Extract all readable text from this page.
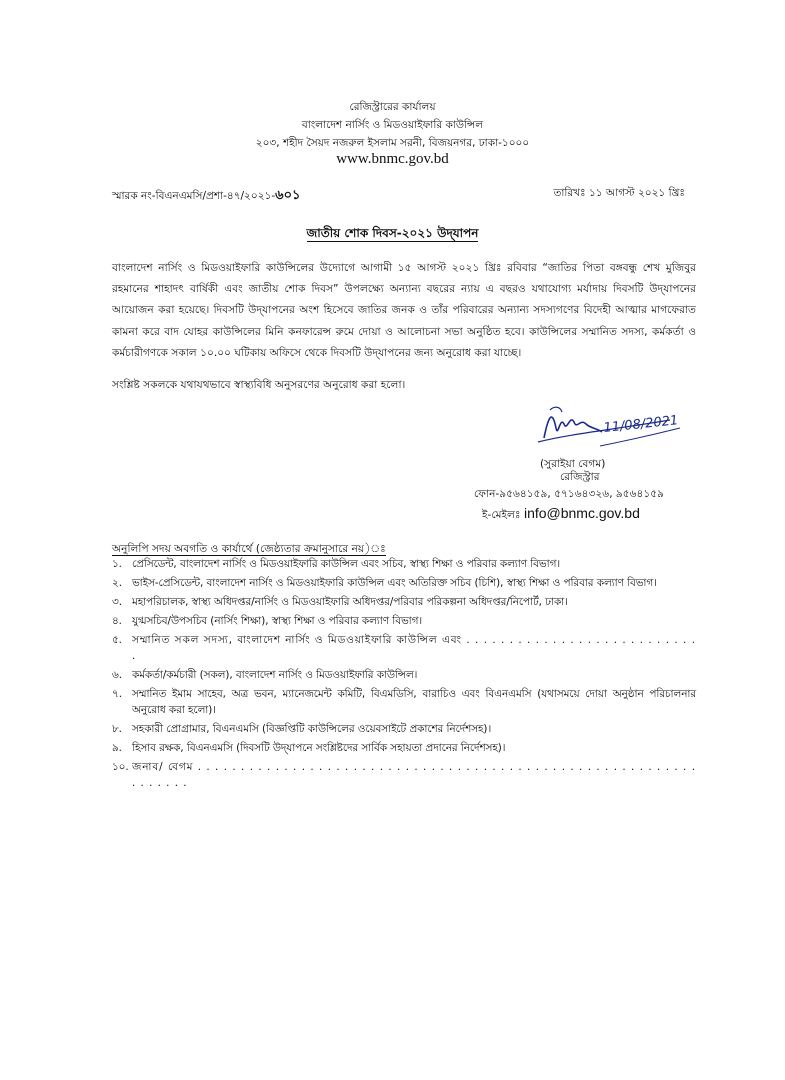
রেজিস্ট্রারের কার্যালয়
বাংলাদেশ নার্সিং ও মিডওয়াইফারি কাউন্সিল
২০৩, শহীদ সৈয়দ নজরুল ইসলাম সরনী, বিজয়নগর, ঢাকা-১০০০
www.bnmc.gov.bd
স্মারক নং-বিএনএমসি/প্রশা-৪৭/২০২১-৬০১	তারিখঃ ১১ আগস্ট ২০২১ খ্রিঃ
জাতীয় শোক দিবস-২০২১ উদ্‌যাপন
বাংলাদেশ নার্সিং ও মিডওয়াইফারি কাউন্সিলের উদ্যোগে আগামী ১৫ আগস্ট ২০২১ খ্রিঃ রবিবার “জাতির পিতা বঙ্গবন্ধু শেখ মুজিবুর রহমানের শাহাদৎ বার্ষিকী এবং জাতীয় শোক দিবস” উপলক্ষ্যে অন্যান্য বছরের ন্যায় এ বছরও যথাযোগ্য মর্যাদায় দিবসটি উদ্‌যাপনের আয়োজন করা হয়েছে। দিবসটি উদ্‌যাপনের অংশ হিসেবে জাতির জনক ও তাঁর পরিবারের অন্যান্য সদস্যগণের বিদেহী আত্মার মাগফেরাত কামনা করে বাদ যোহর কাউন্সিলের মিনি কনফারেন্স রুমে দোয়া ও আলোচনা সভা অনুষ্ঠিত হবে। কাউন্সিলের সম্মানিত সদস্য, কর্মকর্তা ও কর্মচারীগণকে সকাল ১০.০০ ঘটিকায় অফিসে থেকে দিবসটি উদ্‌যাপনের জন্য অনুরোধ করা যাচ্ছে।
সংশ্লিষ্ট সকলকে যথাযথভাবে স্বাস্থ্যবিধি অনুসরণের অনুরোধ করা হলো।
11/08/2021
(সুরাইয়া বেগম)
রেজিস্ট্রার
ফোন-৯৫৬৪১৫৯, ৫৭১৬৪৩২৬, ৯৫৬৪১৫৯
ই-মেইলঃ info@bnmc.gov.bd
অনুলিপি সদয় অবগতি ও কার্যার্থে (জেষ্ঠ্যতার ক্রমানুসারে নয়)ঃ
১. প্রেসিডেন্ট, বাংলাদেশ নার্সিং ও মিডওয়াইফারি কাউন্সিল এবং সচিব, স্বাস্থ্য শিক্ষা ও পরিবার কল্যাণ বিভাগ।
২. ভাইস-প্রেসিডেন্ট, বাংলাদেশ নার্সিং ও মিডওয়াইফারি কাউন্সিল এবং অতিরিক্ত সচিব (চিশি), স্বাস্থ্য শিক্ষা ও পরিবার কল্যাণ বিভাগ।
৩. মহাপরিচালক, স্বাস্থ্য অধিদপ্তর/নার্সিং ও মিডওয়াইফারি অধিদপ্তর/পরিবার পরিকল্পনা অধিদপ্তর/নিপোর্ট, ঢাকা।
৪. যুগ্মসচিব/উপসচিব (নার্সিং শিক্ষা), স্বাস্থ্য শিক্ষা ও পরিবার কল্যাণ বিভাগ।
৫. সম্মানিত সকল সদস্য, বাংলাদেশ নার্সিং ও মিডওয়াইফারি কাউন্সিল এবং . . . . . . . . . . . . . . . . . . . . . . . . . . . .
৬. কর্মকর্তা/কর্মচারী (সকল), বাংলাদেশ নার্সিং ও মিডওয়াইফারি কাউন্সিল।
৭. সম্মানিত ইমাম সাহেব, অত্র ভবন, ম্যানেজমেন্ট কমিটি, বিএমডিসি, বারাচিও এবং বিএনএমসি (যথাসময়ে দোয়া অনুষ্ঠান পরিচালনার অনুরোধ করা হলো)।
৮. সহকারী প্রোগ্রামার, বিএনএমসি (বিজ্ঞপ্তিটি কাউন্সিলের ওয়েবসাইটে প্রকাশের নির্দেশসহ)।
৯. হিসাব রক্ষক, বিএনএমসি (দিবসটি উদ্‌যাপনে সংশ্লিষ্টদের সার্বিক সহায়তা প্রদানের নির্দেশসহ)।
১০. জনাব/ বেগম . . . . . . . . . . . . . . . . . . . . . . . . . . . . . . . . . . . . . . . . . . . . . . . . . . . . . . . . . . . . . . . . .
